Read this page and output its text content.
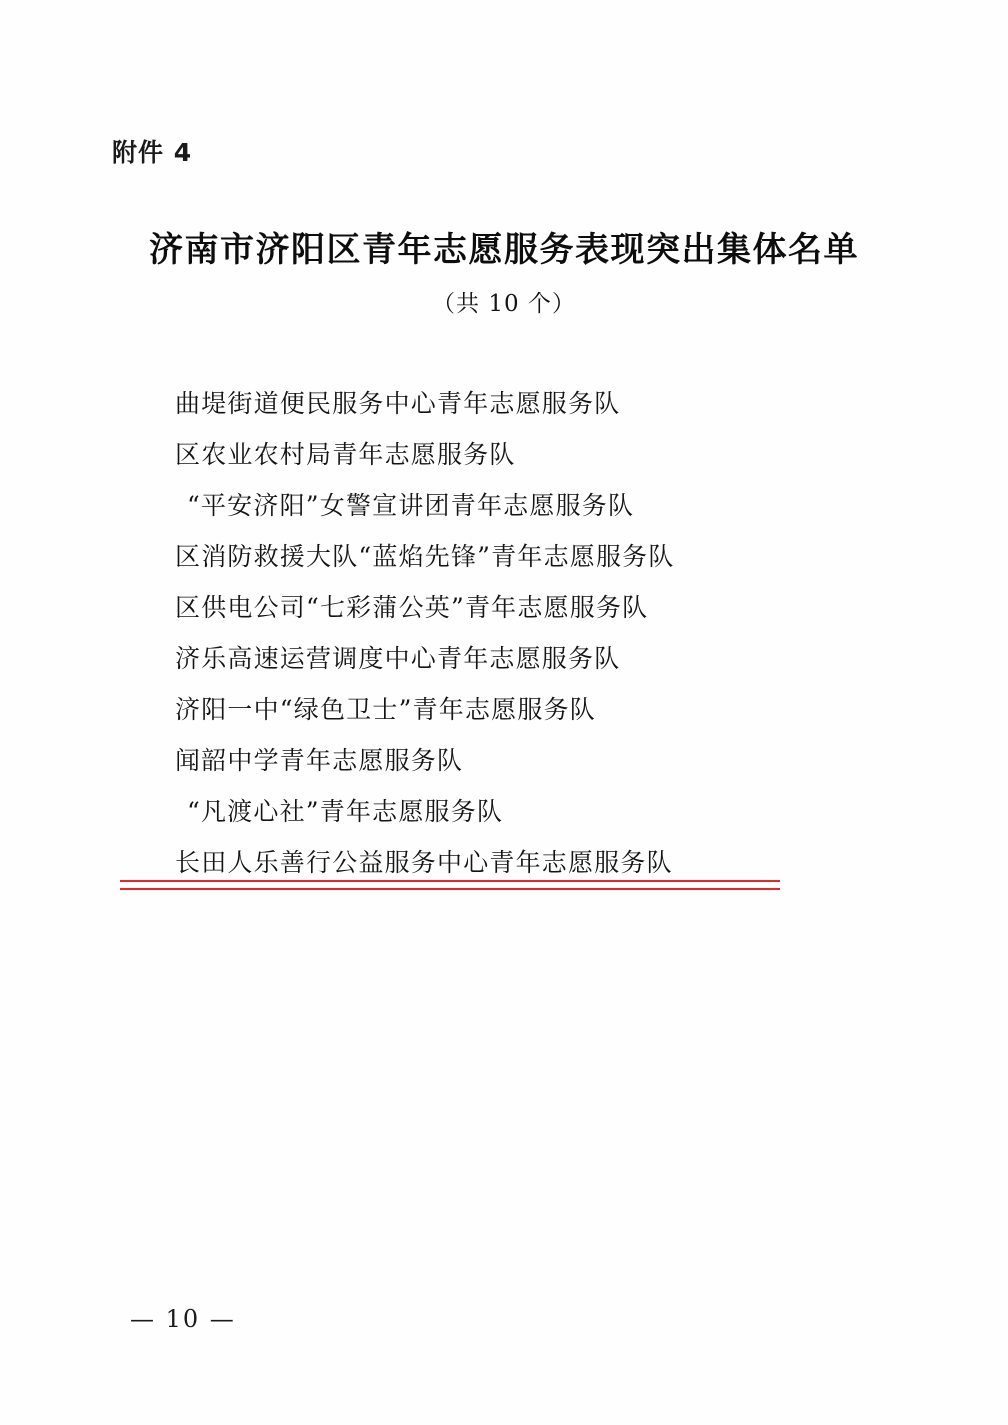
附件 4
济南市济阳区青年志愿服务表现突出集体名单
（共 10 个）
曲堤街道便民服务中心青年志愿服务队
区农业农村局青年志愿服务队
“平安济阳”女警宣讲团青年志愿服务队
区消防救援大队“蓝焰先锋”青年志愿服务队
区供电公司“七彩蒲公英”青年志愿服务队
济乐高速运营调度中心青年志愿服务队
济阳一中“绿色卫士”青年志愿服务队
闻韶中学青年志愿服务队
“凡渡心社”青年志愿服务队
长田人乐善行公益服务中心青年志愿服务队
— 10 —
